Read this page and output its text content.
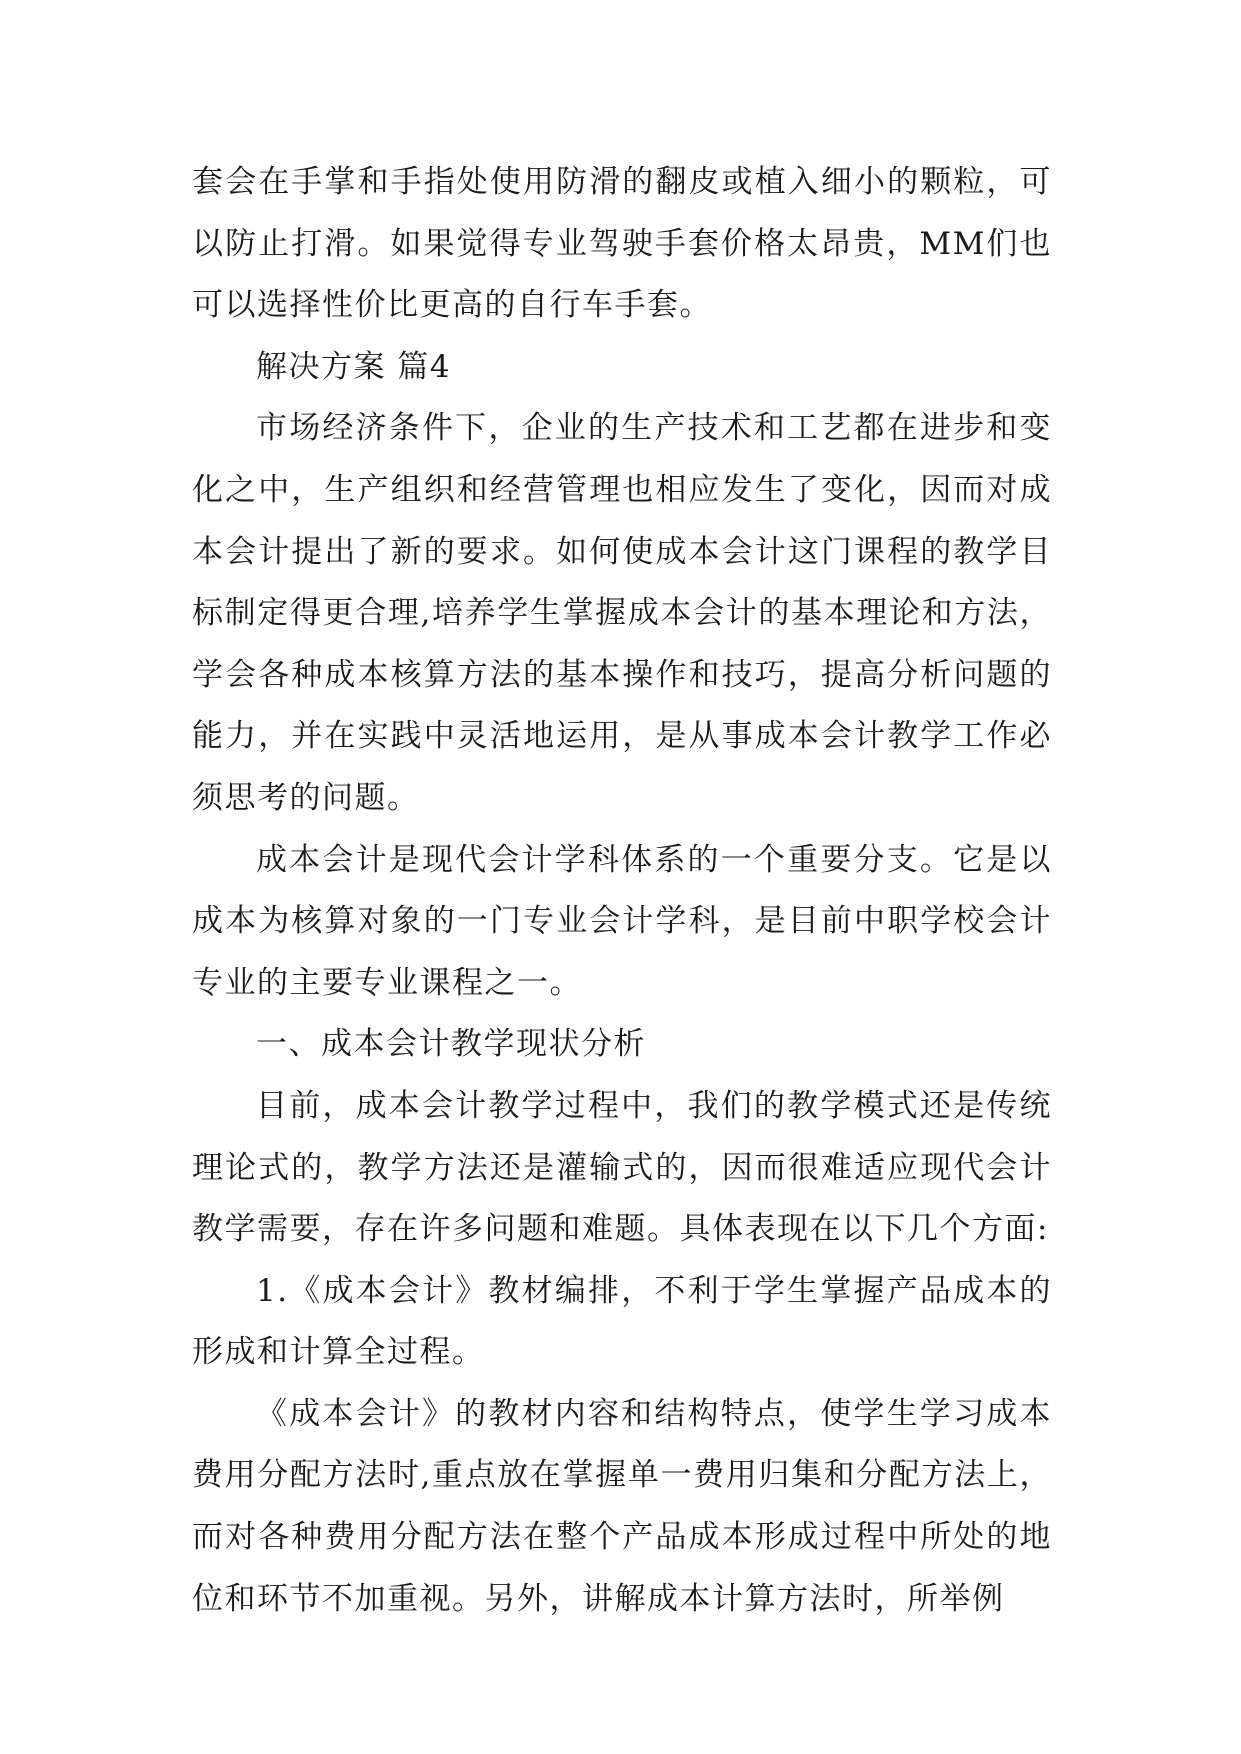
套会在手掌和手指处使用防滑的翻皮或植入细小的颗粒，可以防止打滑。如果觉得专业驾驶手套价格太昂贵，MM们也可以选择性价比更高的自行车手套。

解决方案 篇4

市场经济条件下，企业的生产技术和工艺都在进步和变化之中，生产组织和经营管理也相应发生了变化，因而对成本会计提出了新的要求。如何使成本会计这门课程的教学目标制定得更合理,培养学生掌握成本会计的基本理论和方法，学会各种成本核算方法的基本操作和技巧，提高分析问题的能力，并在实践中灵活地运用，是从事成本会计教学工作必须思考的问题。

成本会计是现代会计学科体系的一个重要分支。它是以成本为核算对象的一门专业会计学科，是目前中职学校会计专业的主要专业课程之一。

一、成本会计教学现状分析

目前，成本会计教学过程中，我们的教学模式还是传统理论式的，教学方法还是灌输式的，因而很难适应现代会计教学需要，存在许多问题和难题。具体表现在以下几个方面:

1.《成本会计》教材编排，不利于学生掌握产品成本的形成和计算全过程。

《成本会计》的教材内容和结构特点，使学生学习成本费用分配方法时,重点放在掌握单一费用归集和分配方法上，而对各种费用分配方法在整个产品成本形成过程中所处的地位和环节不加重视。另外，讲解成本计算方法时，所举例
